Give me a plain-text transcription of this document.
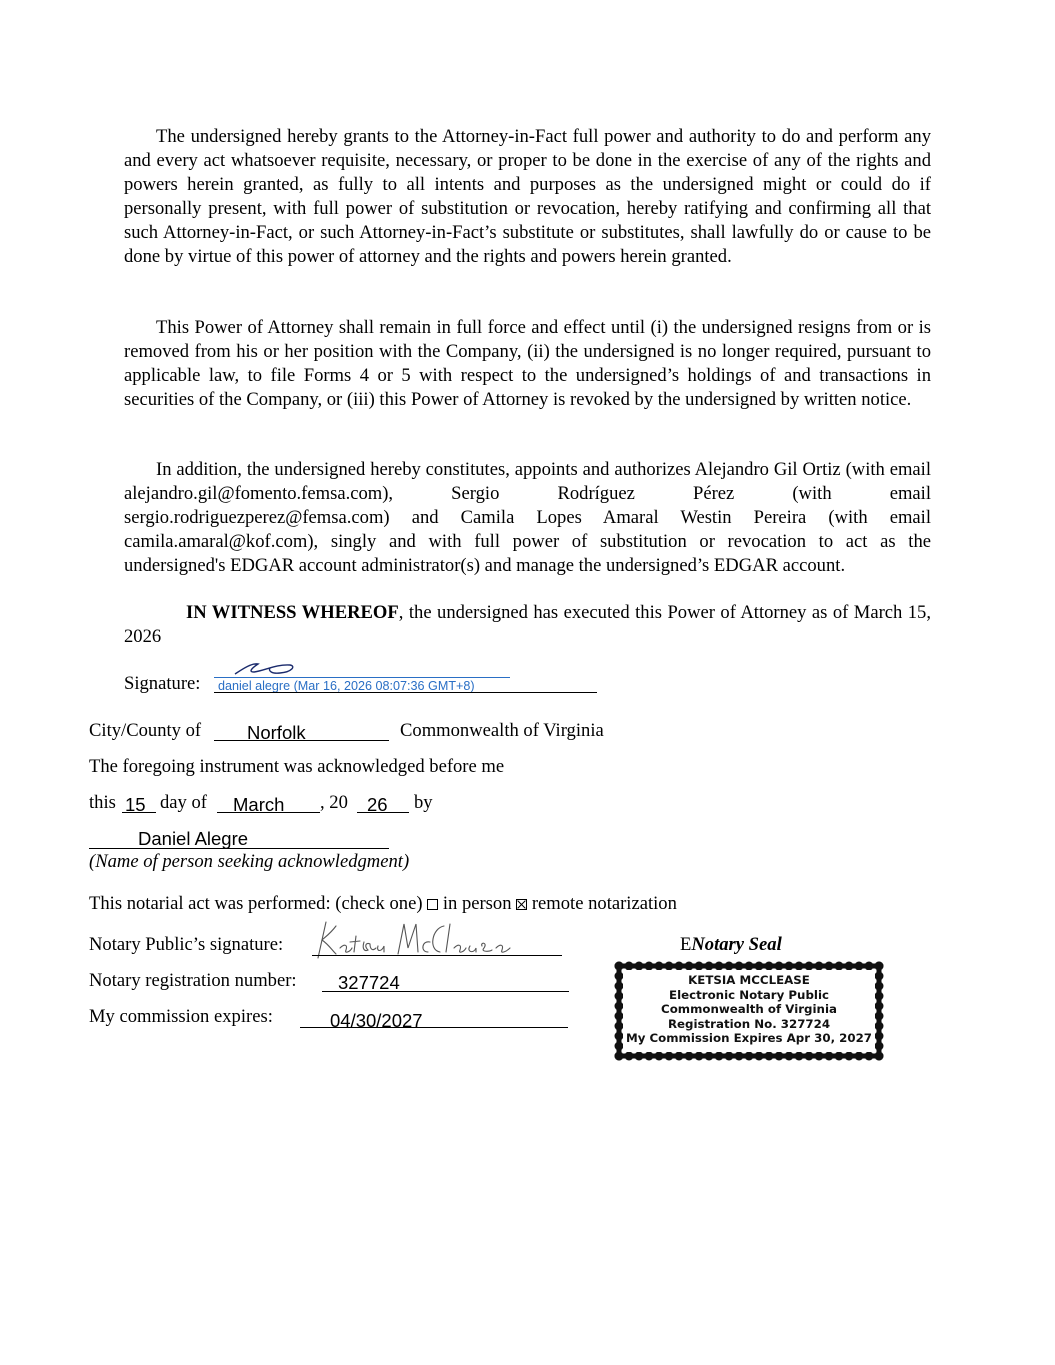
The undersigned hereby grants to the Attorney-in-Fact full power and authority to do and perform any and every act whatsoever requisite, necessary, or proper to be done in the exercise of any of the rights and powers herein granted, as fully to all intents and purposes as the undersigned might or could do if personally present, with full power of substitution or revocation, hereby ratifying and confirming all that such Attorney-in-Fact, or such Attorney-in-Fact’s substitute or substitutes, shall lawfully do or cause to be done by virtue of this power of attorney and the rights and powers herein granted.

This Power of Attorney shall remain in full force and effect until (i) the undersigned resigns from or is removed from his or her position with the Company, (ii) the undersigned is no longer required, pursuant to applicable law, to file Forms 4 or 5 with respect to the undersigned’s holdings of and transactions in securities of the Company, or (iii) this Power of Attorney is revoked by the undersigned by written notice.

In addition, the undersigned hereby constitutes, appoints and authorizes Alejandro Gil Ortiz (with email alejandro.gil@fomento.femsa.com), Sergio Rodríguez Pérez (with email sergio.rodriguezperez@femsa.com) and Camila Lopes Amaral Westin Pereira (with email camila.amaral@kof.com), singly and with full power of substitution or revocation to act as the undersigned's EDGAR account administrator(s) and manage the undersigned’s EDGAR account.

IN WITNESS WHEREOF, the undersigned has executed this Power of Attorney as of March 15, 2026

Signature: daniel alegre (Mar 16, 2026 08:07:36 GMT+8)
City/County of Norfolk	Commonwealth of Virginia
The foregoing instrument was acknowledged before me
this 15 day of March , 20 26 by
Daniel Alegre
(Name of person seeking acknowledgment)
This notarial act was performed: (check one) in person remote notarization
Notary Public’s signature:	ENotary Seal
Notary registration number: 327724
My commission expires:	04/30/2027
KETSIA MCCLEASE
Electronic Notary Public
Commonwealth of Virginia
Registration No. 327724
My Commission Expires Apr 30, 2027
